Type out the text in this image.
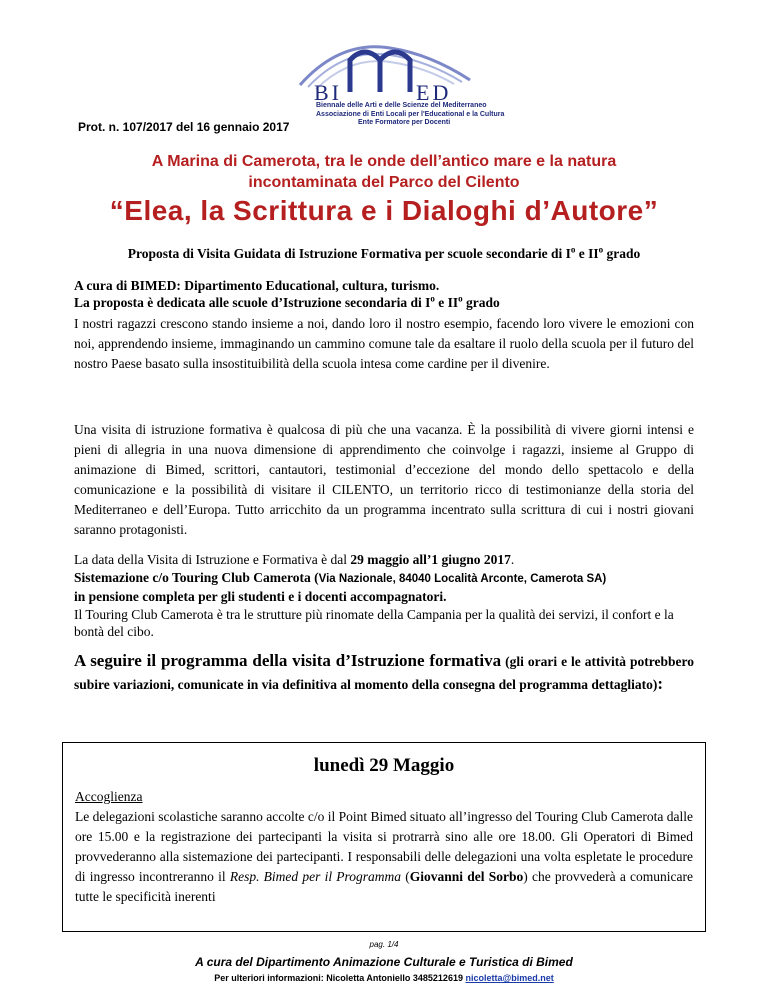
BI	ED
Biennale delle Arti e delle Scienze del Mediterraneo
Associazione di Enti Locali per l'Educational e la Cultura
Ente Formatore per Docenti
Prot. n. 107/2017 del 16 gennaio 2017
A Marina di Camerota, tra le onde dell’antico mare e la natura
incontaminata del Parco del Cilento
“Elea, la Scrittura e i Dialoghi d’Autore”
Proposta di Visita Guidata di Istruzione Formativa per scuole secondarie di $I^o$ e $II^o$ grado
A cura di BIMED: Dipartimento Educational, cultura, turismo.
La proposta è dedicata alle scuole d’Istruzione secondaria di $I^o$ e $II^o$ grado
I nostri ragazzi crescono stando insieme a noi, dando loro il nostro esempio, facendo loro vivere le emozioni con noi, apprendendo insieme, immaginando un cammino comune tale da esaltare il ruolo della scuola per il futuro del nostro Paese basato sulla insostituibilità della scuola intesa come cardine per il divenire.
Una visita di istruzione formativa è qualcosa di più che una vacanza. È la possibilità di vivere giorni intensi e pieni di allegria in una nuova dimensione di apprendimento che coinvolge i ragazzi, insieme al Gruppo di animazione di Bimed, scrittori, cantautori, testimonial d’eccezione del mondo dello spettacolo e della comunicazione e la possibilità di visitare il CILENTO, un territorio ricco di testimonianze della storia del Mediterraneo e dell’Europa. Tutto arricchito da un programma incentrato sulla scrittura di cui i nostri giovani saranno protagonisti.
La data della Visita di Istruzione e Formativa è dal 29 maggio all’1 giugno 2017.
Sistemazione c/o Touring Club Camerota (Via Nazionale, 84040 Località Arconte, Camerota SA)
in pensione completa per gli studenti e i docenti accompagnatori.
Il Touring Club Camerota è tra le strutture più rinomate della Campania per la qualità dei servizi, il confort e la bontà del cibo.
A seguire il programma della visita d’Istruzione formativa (gli orari e le attività potrebbero subire variazioni, comunicate in via definitiva al momento della consegna del programma dettagliato):
lunedì 29 Maggio
Accoglienza
Le delegazioni scolastiche saranno accolte c/o il Point Bimed situato all’ingresso del Touring Club Camerota dalle ore 15.00 e la registrazione dei partecipanti la visita si protrarrà sino alle ore 18.00. Gli Operatori di Bimed provvederanno alla sistemazione dei partecipanti. I responsabili delle delegazioni una volta espletate le procedure di ingresso incontreranno il Resp. Bimed per il Programma (Giovanni del Sorbo) che provvederà a comunicare tutte le specificità inerenti
pag. 1/4
A cura del Dipartimento Animazione Culturale e Turistica di Bimed
Per ulteriori informazioni: Nicoletta Antoniello 3485212619 nicoletta@bimed.net
